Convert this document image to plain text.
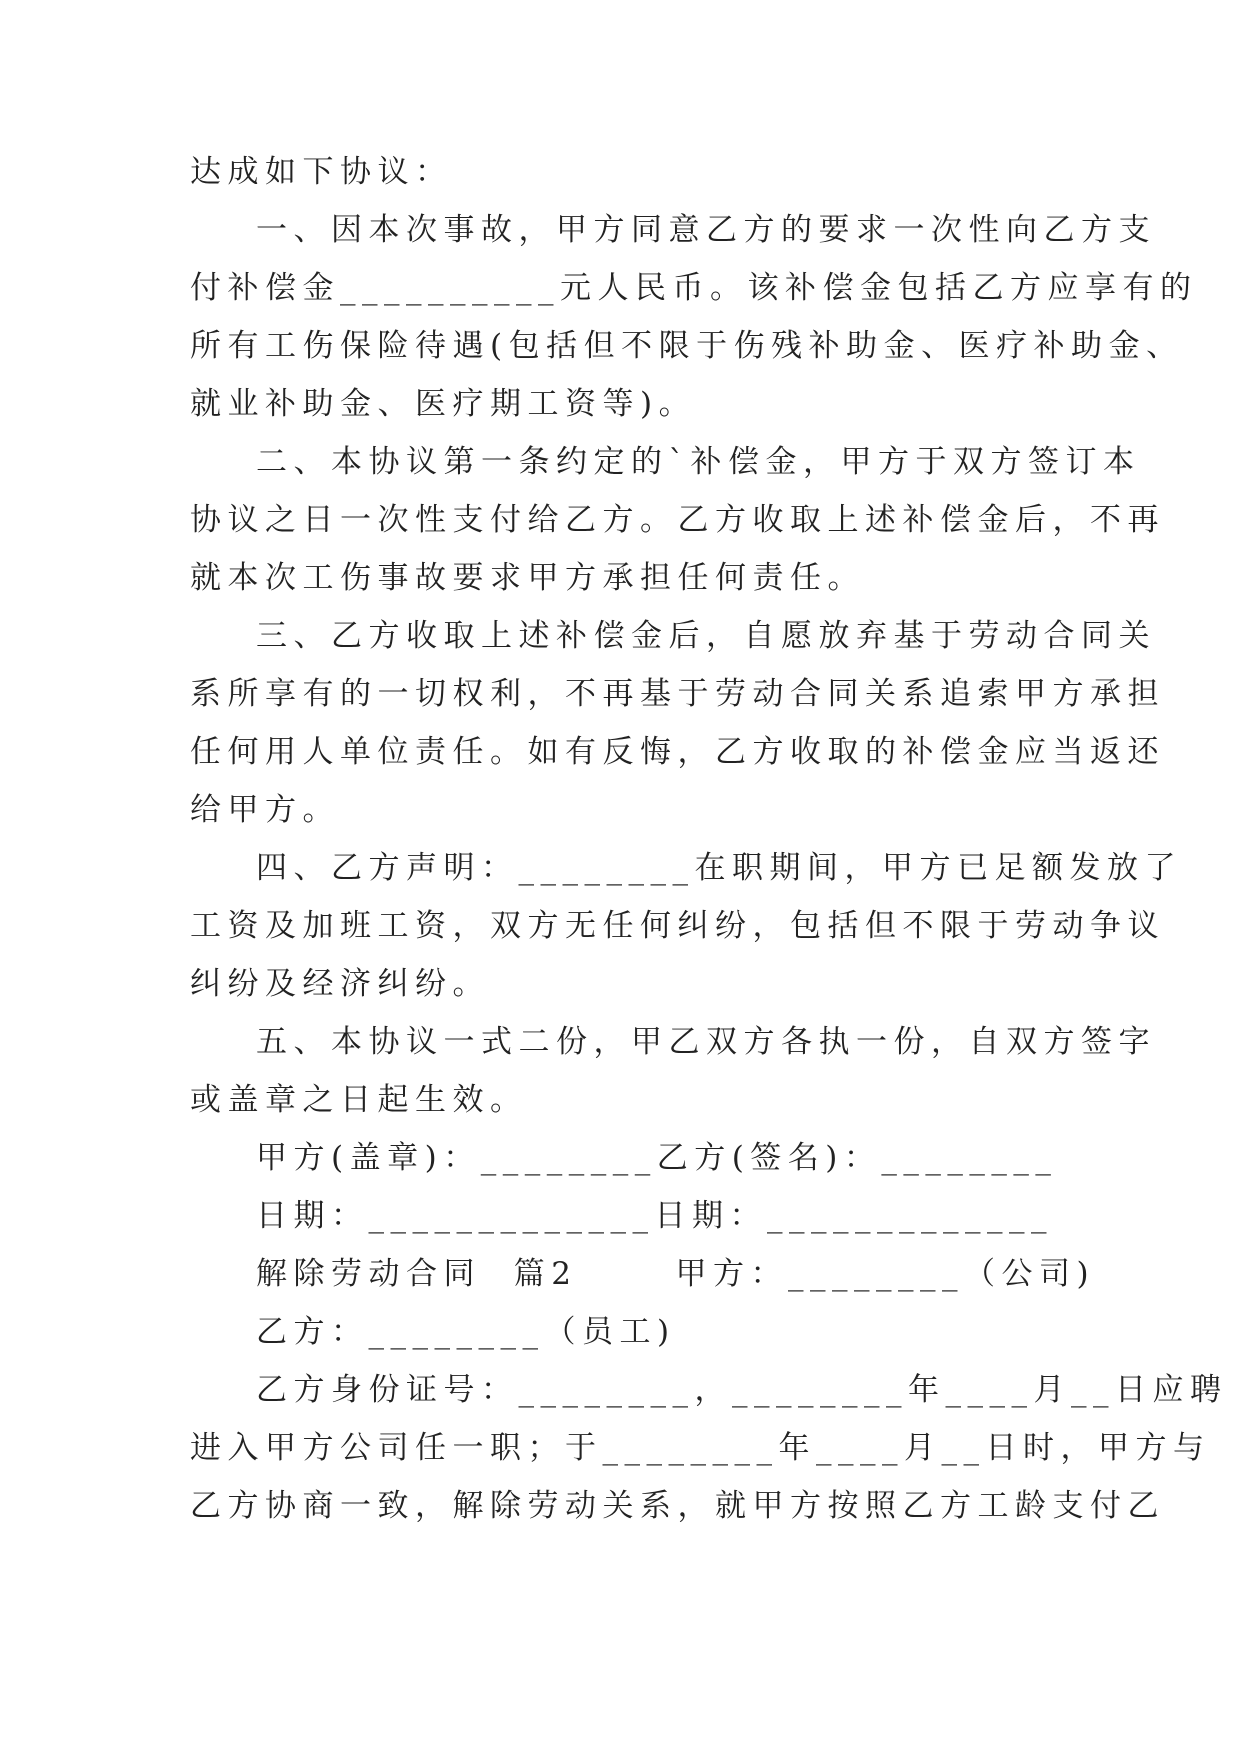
达成如下协议：
一、因本次事故，甲方同意乙方的要求一次性向乙方支
付补偿金__________元人民币。该补偿金包括乙方应享有的
所有工伤保险待遇(包括但不限于伤残补助金、医疗补助金、
就业补助金、医疗期工资等)。
二、本协议第一条约定的`补偿金，甲方于双方签订本
协议之日一次性支付给乙方。乙方收取上述补偿金后，不再
就本次工伤事故要求甲方承担任何责任。
三、乙方收取上述补偿金后，自愿放弃基于劳动合同关
系所享有的一切权利，不再基于劳动合同关系追索甲方承担
任何用人单位责任。如有反悔，乙方收取的补偿金应当返还
给甲方。
四、乙方声明：________在职期间，甲方已足额发放了
工资及加班工资，双方无任何纠纷，包括但不限于劳动争议
纠纷及经济纠纷。
五、本协议一式二份，甲乙双方各执一份，自双方签字
或盖章之日起生效。
甲方(盖章)：________乙方(签名)：________
日期：_____________日期：_____________
解除劳动合同  篇2      甲方：________（公司)
乙方：________（员工)
乙方身份证号：________，________年____月__日应聘
进入甲方公司任一职；于________年____月__日时，甲方与
乙方协商一致，解除劳动关系，就甲方按照乙方工龄支付乙
